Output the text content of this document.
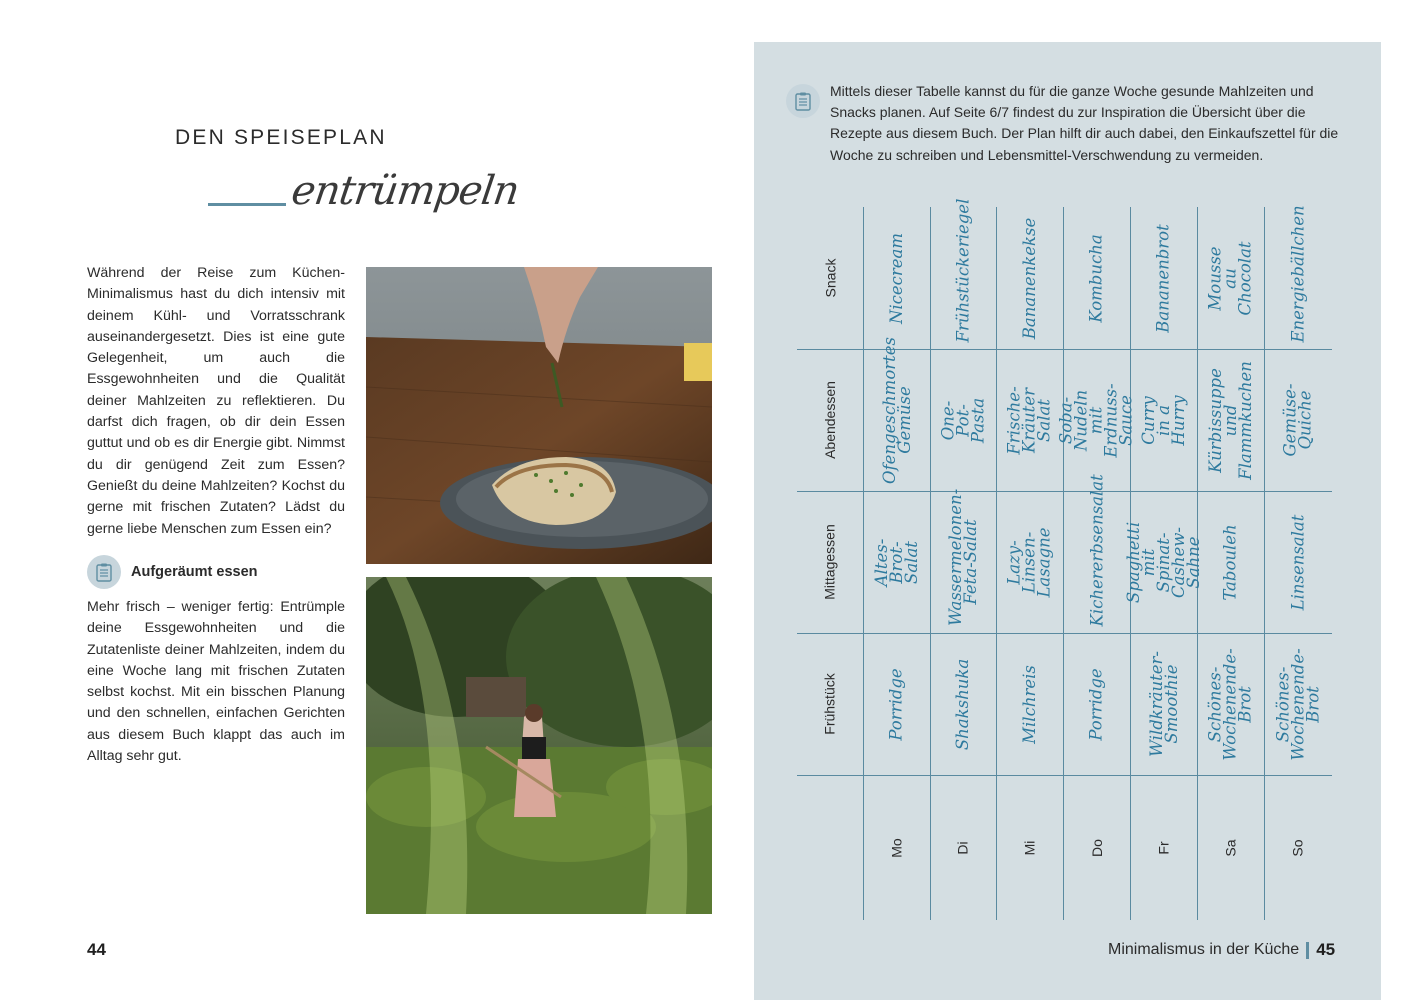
DEN SPEISEPLAN
entrümpeln
Während der Reise zum Küchen-Minimalismus hast du dich intensiv mit deinem Kühl- und Vorratsschrank auseinandergesetzt. Dies ist eine gute Gelegenheit, um auch die Essgewohnheiten und die Qualität deiner Mahlzeiten zu reflektieren. Du darfst dich fragen, ob dir dein Essen guttut und ob es dir Energie gibt. Nimmst du dir genügend Zeit zum Essen? Genießt du deine Mahlzeiten? Kochst du gerne mit frischen Zutaten? Lädst du gerne liebe Menschen zum Essen ein?
Aufgeräumt essen
Mehr frisch – weniger fertig: Entrümple deine Essgewohnheiten und die Zutatenliste deiner Mahlzeiten, indem du eine Woche lang mit frischen Zutaten selbst kochst. Mit ein bisschen Planung und den schnellen, einfachen Gerichten aus diesem Buch klappt das auch im Alltag sehr gut.
44
Mittels dieser Tabelle kannst du für die ganze Woche gesunde Mahlzeiten und Snacks planen. Auf Seite 6/7 findest du zur Inspiration die Übersicht über die Rezepte aus diesem Buch. Der Plan hilft dir auch dabei, den Einkaufszettel für die Woche zu schreiben und Lebensmittel-Verschwendung zu vermeiden.
Snack
Abendessen
Mittagessen
Frühstück
Nicecream
Ofengeschmortes Gemüse
Altes-Brot-Salat
Porridge
Mo
Frühstückeriegel
One-Pot-Pasta
Wassermelonen-Feta-Salat
Shakshuka
Di
Bananenkekse
Frische-Kräuter Salat
Lazy-Linsen-Lasagne
Milchreis
Mi
Kombucha
Soba-Nudeln mit Erdnuss-Sauce
Kichererbsensalat
Porridge
Do
Bananenbrot
Curry in a Hurry
Spaghetti mit Spinat-Cashew-Sahne
Wildkräuter-Smoothie
Fr
Mousse au Chocolat
Kürbissuppe und Flammkuchen
Tabouleh
Schönes-Wochenende-Brot
Sa
Energiebällchen
Gemüse-Quiche
Linsensalat
Schönes-Wochenende-Brot
So
Minimalismus in der Küche 45
